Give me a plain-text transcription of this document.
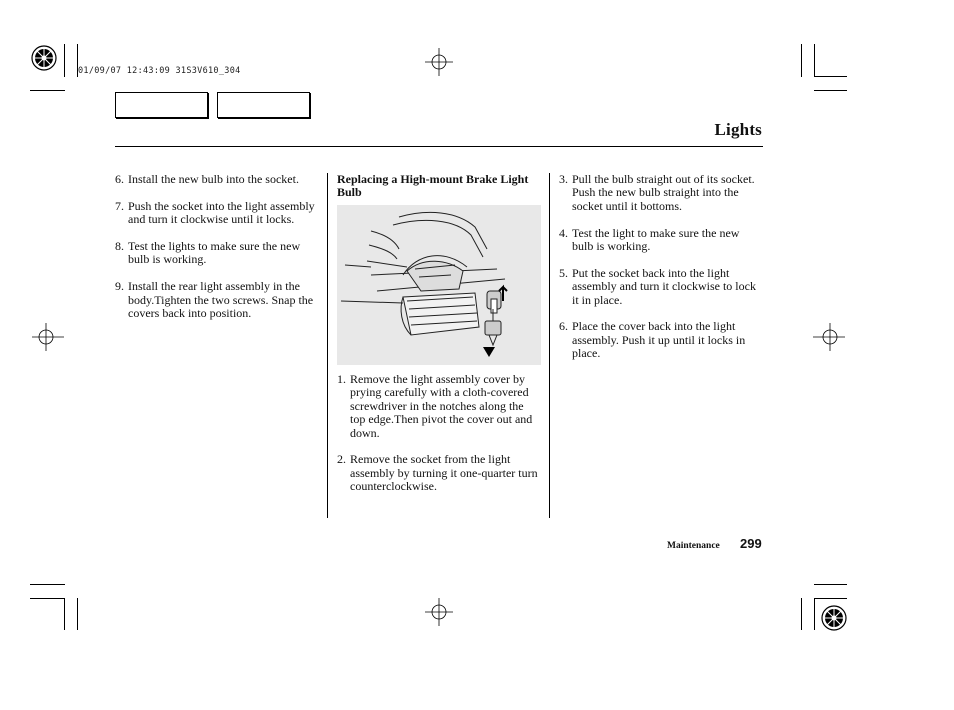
01/09/07 12:43:09 31S3V610_304
Lights
6. Install the new bulb into the socket.
7. Push the socket into the light assembly and turn it clockwise until it locks.
8. Test the lights to make sure the new bulb is working.
9. Install the rear light assembly in the body.Tighten the two screws. Snap the covers back into position.
Replacing a High-mount Brake Light Bulb
1. Remove the light assembly cover by prying carefully with a cloth-covered screwdriver in the notches along the top edge.Then pivot the cover out and down.
2. Remove the socket from the light assembly by turning it one-quarter turn counterclockwise.
3. Pull the bulb straight out of its socket.
Push the new bulb straight into the socket until it bottoms.
4. Test the light to make sure the new bulb is working.
5. Put the socket back into the light assembly and turn it clockwise to lock it in place.
6. Place the cover back into the light assembly. Push it up until it locks in place.
Maintenance 299
